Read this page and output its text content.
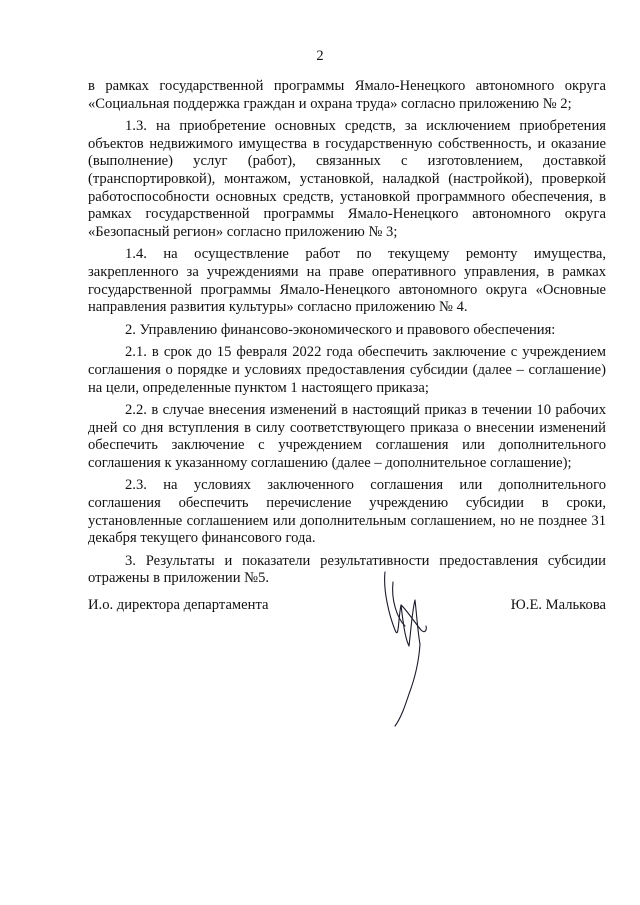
2

в рамках государственной программы Ямало-Ненецкого автономного округа «Социальная поддержка граждан и охрана труда» согласно приложению № 2;

1.3. на приобретение основных средств, за исключением приобретения объектов недвижимого имущества в государственную собственность, и оказание (выполнение) услуг (работ), связанных с изготовлением, доставкой (транспортировкой), монтажом, установкой, наладкой (настройкой), проверкой работоспособности основных средств, установкой программного обеспечения, в рамках государственной программы Ямало-Ненецкого автономного округа «Безопасный регион» согласно приложению № 3;

1.4. на осуществление работ по текущему ремонту имущества, закрепленного за учреждениями на праве оперативного управления, в рамках государственной программы Ямало-Ненецкого автономного округа «Основные направления развития культуры» согласно приложению № 4.

2. Управлению финансово-экономического и правового обеспечения:

2.1. в срок до 15 февраля 2022 года обеспечить заключение с учреждением соглашения о порядке и условиях предоставления субсидии (далее – соглашение) на цели, определенные пунктом 1 настоящего приказа;

2.2. в случае внесения изменений в настоящий приказ в течении 10 рабочих дней со дня вступления в силу соответствующего приказа о внесении изменений обеспечить заключение с учреждением соглашения или дополнительного соглашения к указанному соглашению (далее – дополнительное соглашение);

2.3. на условиях заключенного соглашения или дополнительного соглашения обеспечить перечисление учреждению субсидии в сроки, установленные соглашением или дополнительным соглашением, но не позднее 31 декабря текущего финансового года.

3. Результаты и показатели результативности предоставления субсидии отражены в приложении №5.

И.о. директора департамента	Ю.Е. Малькова
